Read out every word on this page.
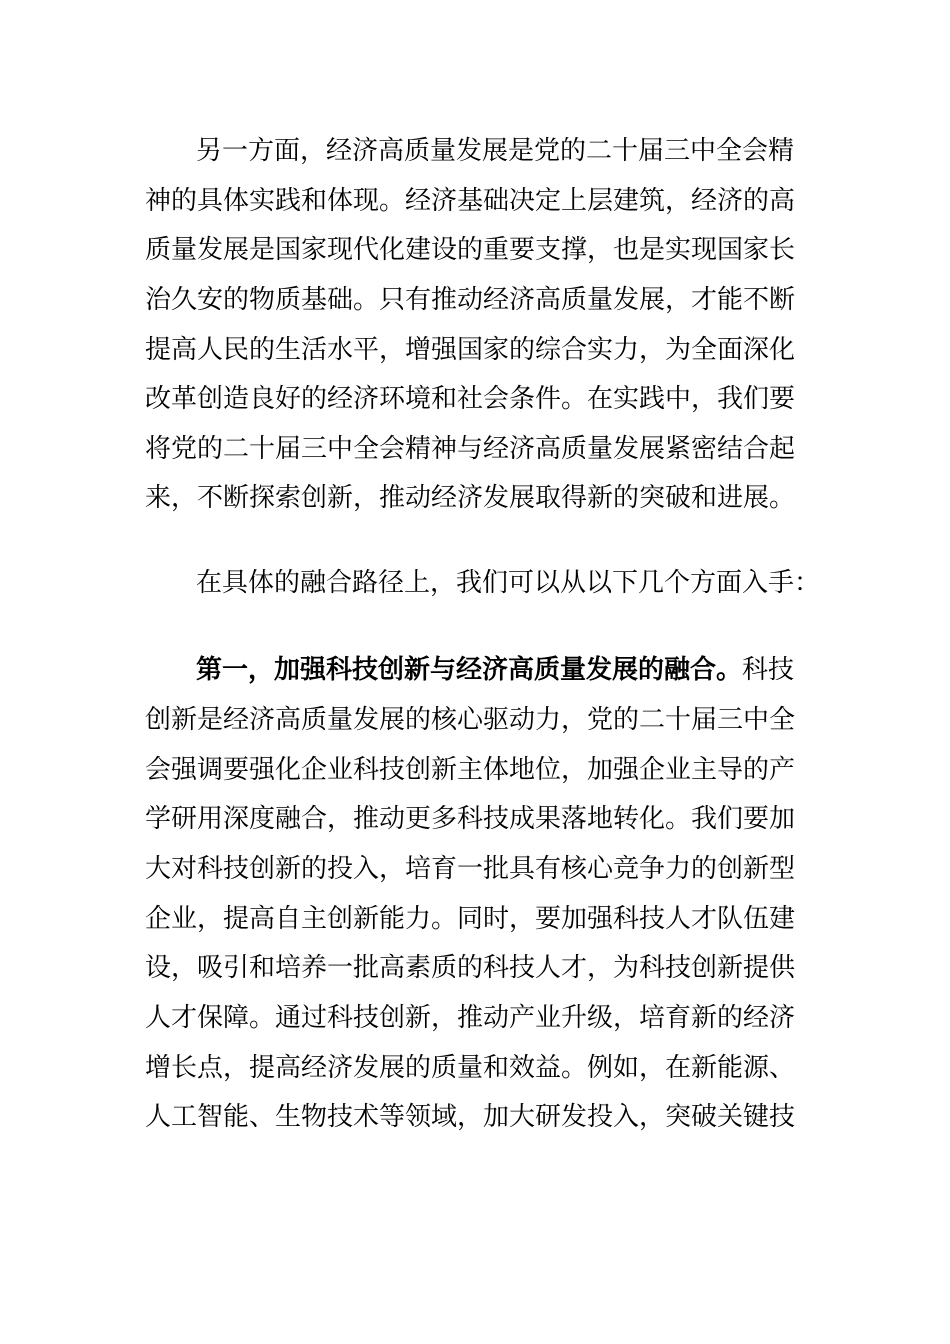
另一方面，经济高质量发展是党的二十届三中全会精
神的具体实践和体现。经济基础决定上层建筑，经济的高
质量发展是国家现代化建设的重要支撑，也是实现国家长
治久安的物质基础。只有推动经济高质量发展，才能不断
提高人民的生活水平，增强国家的综合实力，为全面深化
改革创造良好的经济环境和社会条件。在实践中，我们要
将党的二十届三中全会精神与经济高质量发展紧密结合起
来，不断探索创新，推动经济发展取得新的突破和进展。
在具体的融合路径上，我们可以从以下几个方面入手：
第一，加强科技创新与经济高质量发展的融合。科技
创新是经济高质量发展的核心驱动力，党的二十届三中全
会强调要强化企业科技创新主体地位，加强企业主导的产
学研用深度融合，推动更多科技成果落地转化。我们要加
大对科技创新的投入，培育一批具有核心竞争力的创新型
企业，提高自主创新能力。同时，要加强科技人才队伍建
设，吸引和培养一批高素质的科技人才，为科技创新提供
人才保障。通过科技创新，推动产业升级，培育新的经济
增长点，提高经济发展的质量和效益。例如，在新能源、
人工智能、生物技术等领域，加大研发投入，突破关键技
